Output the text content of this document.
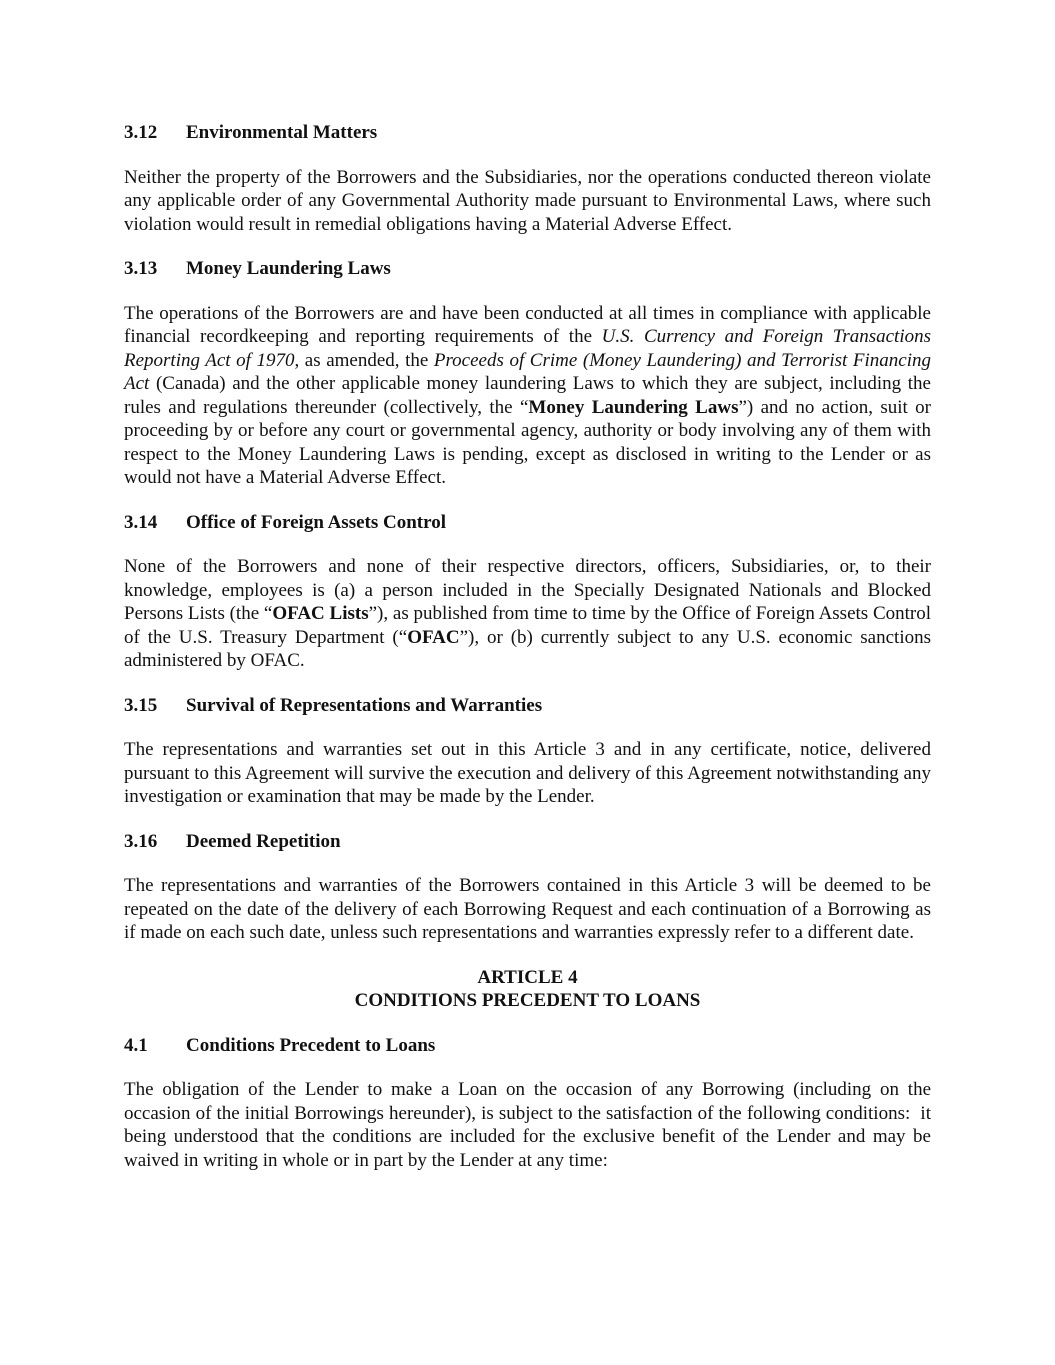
3.12	Environmental Matters

Neither the property of the Borrowers and the Subsidiaries, nor the operations conducted thereon violate any applicable order of any Governmental Authority made pursuant to Environmental Laws, where such violation would result in remedial obligations having a Material Adverse Effect.

3.13	Money Laundering Laws

The operations of the Borrowers are and have been conducted at all times in compliance with applicable financial recordkeeping and reporting requirements of the U.S. Currency and Foreign Transactions Reporting Act of 1970, as amended, the Proceeds of Crime (Money Laundering) and Terrorist Financing Act (Canada) and the other applicable money laundering Laws to which they are subject, including the rules and regulations thereunder (collectively, the “Money Laundering Laws”) and no action, suit or proceeding by or before any court or governmental agency, authority or body involving any of them with respect to the Money Laundering Laws is pending, except as disclosed in writing to the Lender or as would not have a Material Adverse Effect.

3.14	Office of Foreign Assets Control

None of the Borrowers and none of their respective directors, officers, Subsidiaries, or, to their knowledge, employees is (a) a person included in the Specially Designated Nationals and Blocked Persons Lists (the “OFAC Lists”), as published from time to time by the Office of Foreign Assets Control of the U.S. Treasury Department (“OFAC”), or (b) currently subject to any U.S. economic sanctions administered by OFAC.

3.15	Survival of Representations and Warranties

The representations and warranties set out in this Article 3 and in any certificate, notice, delivered pursuant to this Agreement will survive the execution and delivery of this Agreement notwithstanding any investigation or examination that may be made by the Lender.

3.16	Deemed Repetition

The representations and warranties of the Borrowers contained in this Article 3 will be deemed to be repeated on the date of the delivery of each Borrowing Request and each continuation of a Borrowing as if made on each such date, unless such representations and warranties expressly refer to a different date.

ARTICLE 4
CONDITIONS PRECEDENT TO LOANS
4.1	Conditions Precedent to Loans

The obligation of the Lender to make a Loan on the occasion of any Borrowing (including on the occasion of the initial Borrowings hereunder), is subject to the satisfaction of the following conditions:  it being understood that the conditions are included for the exclusive benefit of the Lender and may be waived in writing in whole or in part by the Lender at any time:
